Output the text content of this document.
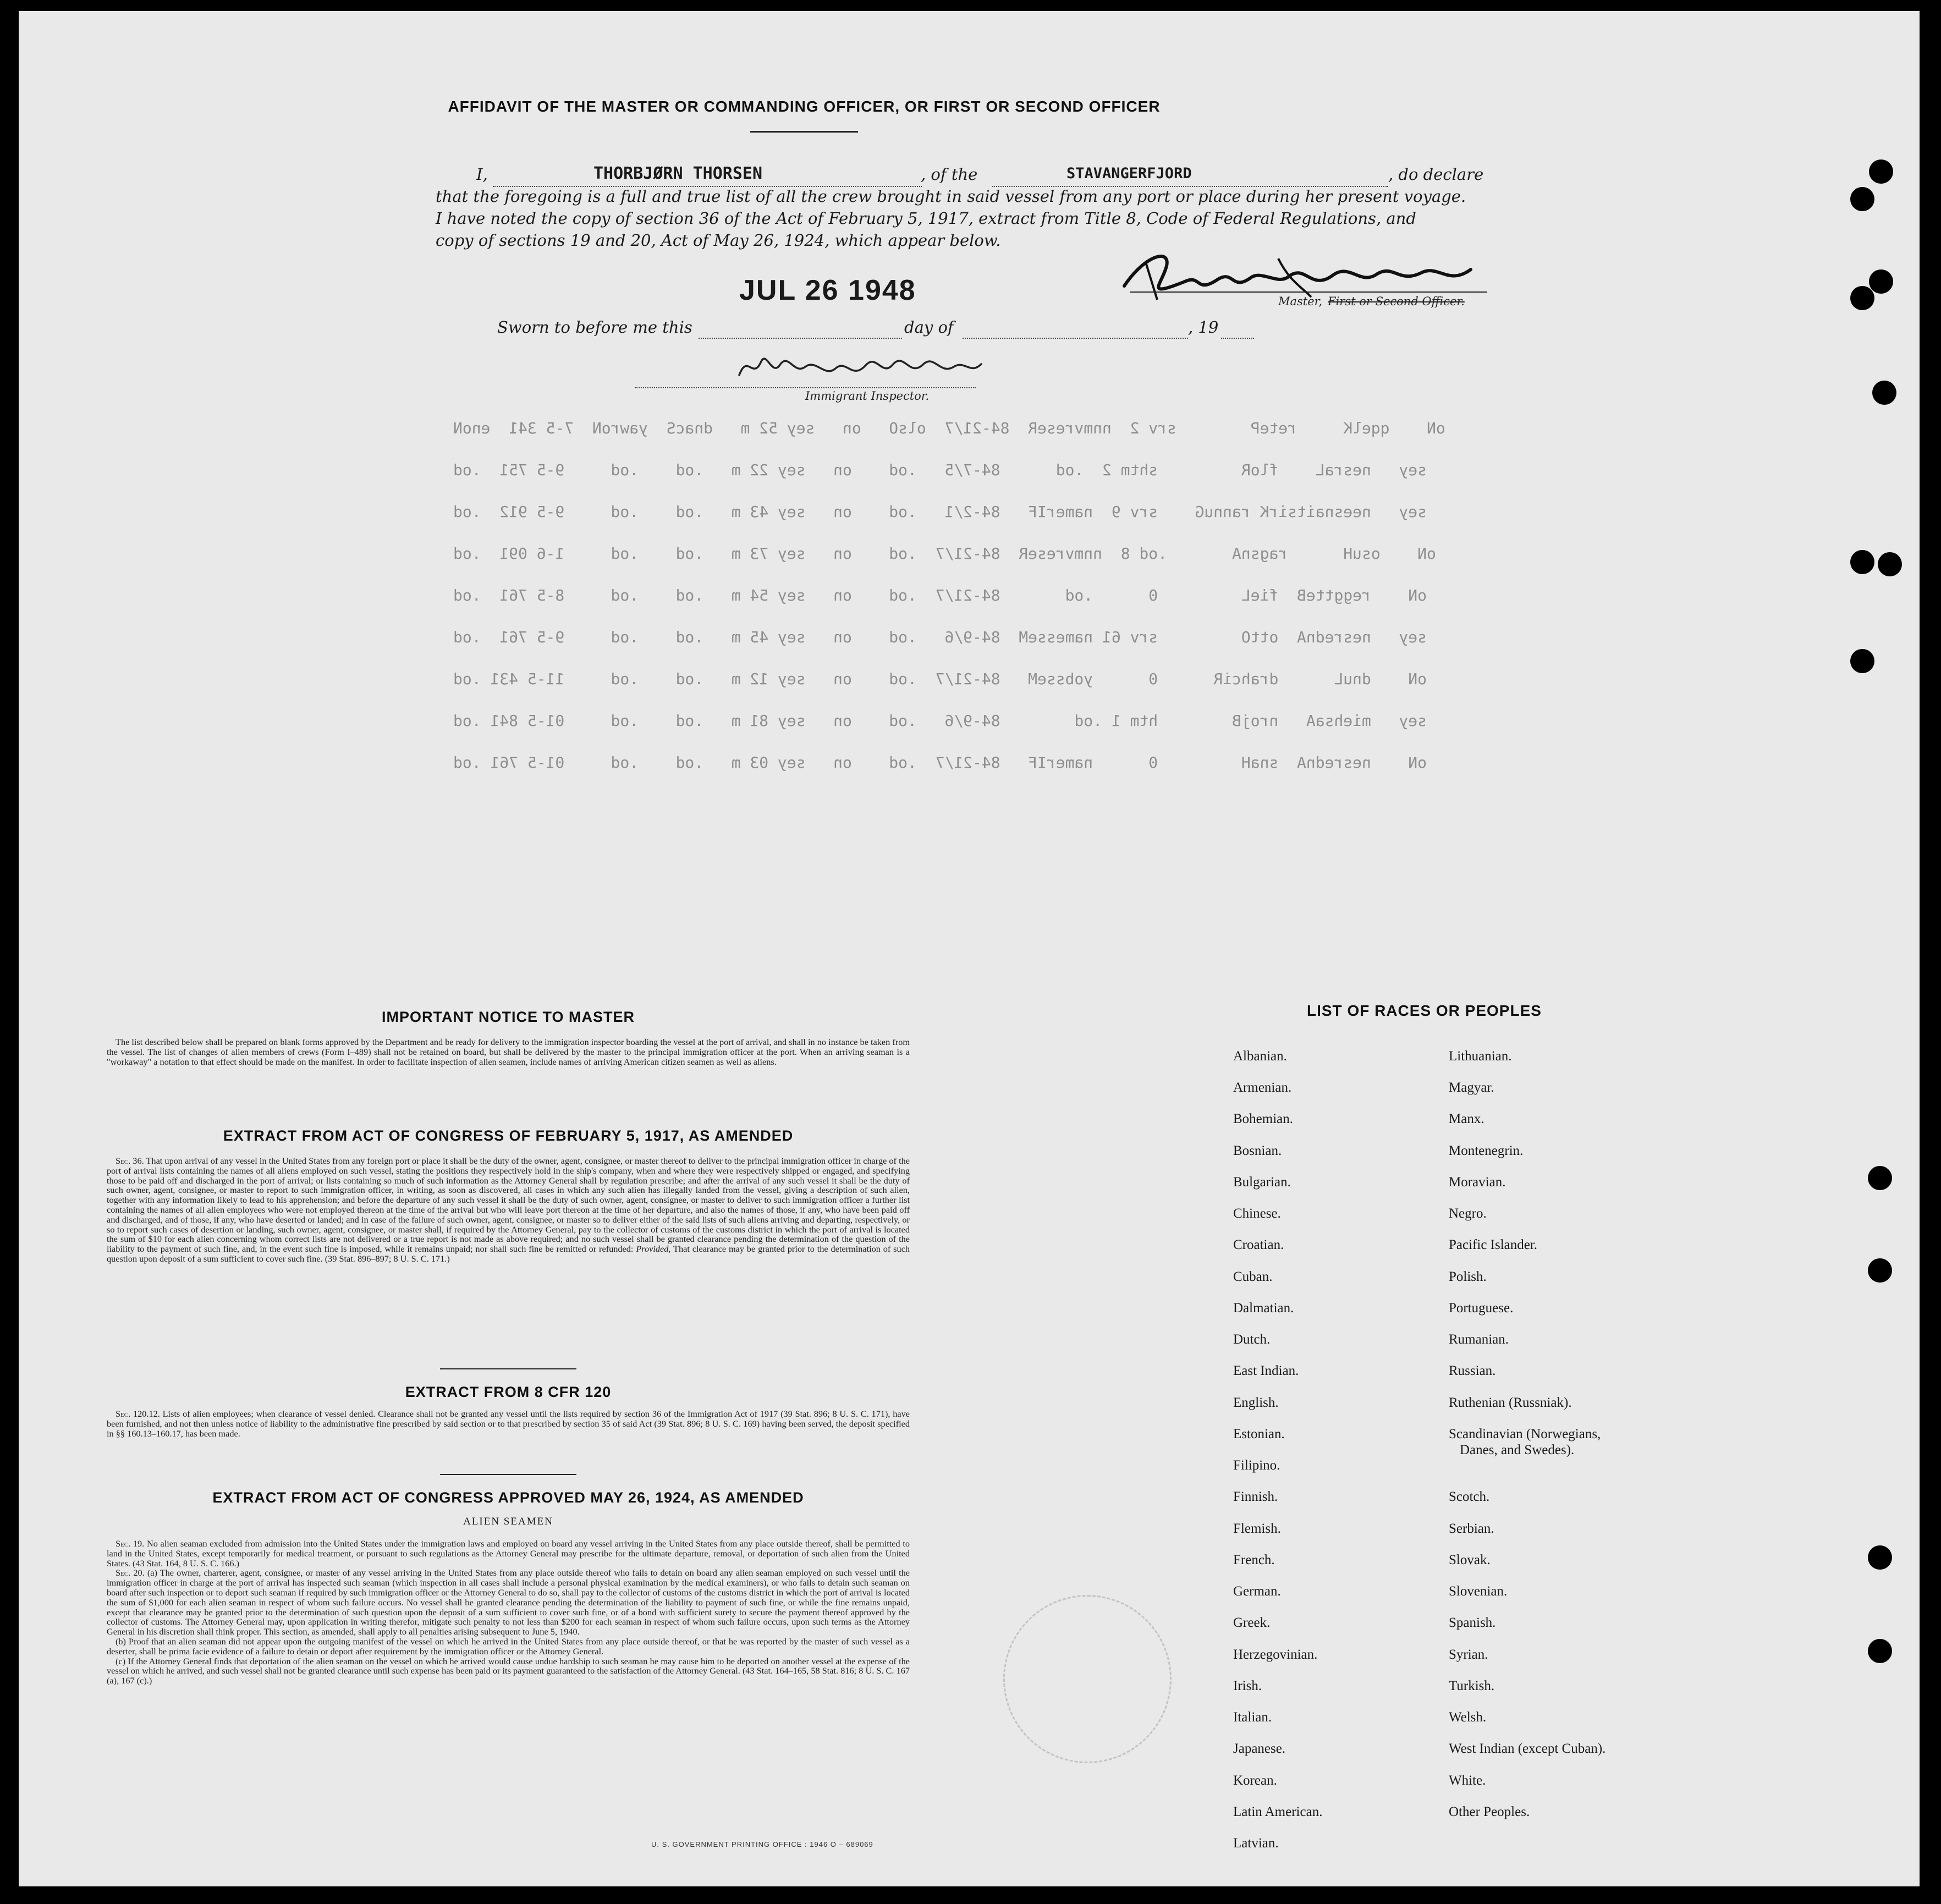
AFFIDAVIT OF THE MASTER OR COMMANDING OFFICER, OR FIRST OR SECOND OFFICER
I,	THORBJØRN THORSEN	, of the	STAVANGERFJORD	, do declare
that the foregoing is a full and true list of all the crew brought in said vessel from any port or place during her present voyage.
I have noted the copy of section 36 of the Act of February 5, 1917, extract from Title 8, Code of Federal Regulations, and
copy of sections 19 and 20, Act of May 26, 1924, which appear below.
JUL 26 1948	Master, First or Second Officer.
Sworn to before me this	day of	, 19
Immigrant Inspector.
oN    qqelK     reteP        srv 2  nnmvreseR  84-21/7  olsO   on   sey 52 m   dnacS  yawroN  7-5 341  enoN
sey   nesraL    floR         shtm 2  .od      84-7/5   .od    on   sey 22 m   .od    .od     9-5 751  .od
sey   neesnaitsirK rannuG    srv 9  namerIF   84-2/1   .od    on   sey 43 m   .od    .od     9-5 912  .od
oN    osuH      ragsnA       .od 8  nnmvreseR  84-21/7  .od    on   sey 73 m   .od    .od     1-6 091  .od
oN    reggtteB  fieL         0      .od       84-21/7  .od    on   sey 54 m   .od    .od     8-5 761  .od
sey   nesrednA  ottO         srv 61 namesseM  84-9/6   .od    on   sey 45 m   .od    .od     9-5 761  .od
oN    dnuL      drahciR      0      yobsseM   84-21/7  .od    on   sey 12 m   .od    .od     11-5 431 .od
sey   miehsaA   nrojB        htm 1 .od        84-9/6   .od    on   sey 81 m   .od    .od     01-5 841 .od
oN    nesrednA  snaH         0      namerIF   84-21/7  .od    on   sey 03 m   .od    .od     01-5 761 .od
IMPORTANT NOTICE TO MASTER

The list described below shall be prepared on blank forms approved by the Department and be ready for delivery to the immigration inspector boarding the vessel at the port of arrival, and shall in no instance be taken from the vessel. The list of changes of alien members of crews (Form I–489) shall not be retained on board, but shall be delivered by the master to the principal immigration officer at the port. When an arriving seaman is a "workaway" a notation to that effect should be made on the manifest. In order to facilitate inspection of alien seamen, include names of arriving American citizen seamen as well as aliens.

EXTRACT FROM ACT OF CONGRESS OF FEBRUARY 5, 1917, AS AMENDED

Sec. 36. That upon arrival of any vessel in the United States from any foreign port or place it shall be the duty of the owner, agent, consignee, or master thereof to deliver to the principal immigration officer in charge of the port of arrival lists containing the names of all aliens employed on such vessel, stating the positions they respectively hold in the ship's company, when and where they were respectively shipped or engaged, and specifying those to be paid off and discharged in the port of arrival; or lists containing so much of such information as the Attorney General shall by regulation prescribe; and after the arrival of any such vessel it shall be the duty of such owner, agent, consignee, or master to report to such immigration officer, in writing, as soon as discovered, all cases in which any such alien has illegally landed from the vessel, giving a description of such alien, together with any information likely to lead to his apprehension; and before the departure of any such vessel it shall be the duty of such owner, agent, consignee, or master to deliver to such immigration officer a further list containing the names of all alien employees who were not employed thereon at the time of the arrival but who will leave port thereon at the time of her departure, and also the names of those, if any, who have been paid off and discharged, and of those, if any, who have deserted or landed; and in case of the failure of such owner, agent, consignee, or master so to deliver either of the said lists of such aliens arriving and departing, respectively, or so to report such cases of desertion or landing, such owner, agent, consignee, or master shall, if required by the Attorney General, pay to the collector of customs of the customs district in which the port of arrival is located the sum of $10 for each alien concerning whom correct lists are not delivered or a true report is not made as above required; and no such vessel shall be granted clearance pending the determination of the question of the liability to the payment of such fine, and, in the event such fine is imposed, while it remains unpaid; nor shall such fine be remitted or refunded: Provided, That clearance may be granted prior to the determination of such question upon deposit of a sum sufficient to cover such fine. (39 Stat. 896–897; 8 U. S. C. 171.)

EXTRACT FROM 8 CFR 120

Sec. 120.12. Lists of alien employees; when clearance of vessel denied. Clearance shall not be granted any vessel until the lists required by section 36 of the Immigration Act of 1917 (39 Stat. 896; 8 U. S. C. 171), have been furnished, and not then unless notice of liability to the administrative fine prescribed by said section or to that prescribed by section 35 of said Act (39 Stat. 896; 8 U. S. C. 169) having been served, the deposit specified in §§ 160.13–160.17, has been made.

EXTRACT FROM ACT OF CONGRESS APPROVED MAY 26, 1924, AS AMENDED
ALIEN SEAMEN

Sec. 19. No alien seaman excluded from admission into the United States under the immigration laws and employed on board any vessel arriving in the United States from any place outside thereof, shall be permitted to land in the United States, except temporarily for medical treatment, or pursuant to such regulations as the Attorney General may prescribe for the ultimate departure, removal, or deportation of such alien from the United States. (43 Stat. 164, 8 U. S. C. 166.)

Sec. 20. (a) The owner, charterer, agent, consignee, or master of any vessel arriving in the United States from any place outside thereof who fails to detain on board any alien seaman employed on such vessel until the immigration officer in charge at the port of arrival has inspected such seaman (which inspection in all cases shall include a personal physical examination by the medical examiners), or who fails to detain such seaman on board after such inspection or to deport such seaman if required by such immigration officer or the Attorney General to do so, shall pay to the collector of customs of the customs district in which the port of arrival is located the sum of $1,000 for each alien seaman in respect of whom such failure occurs. No vessel shall be granted clearance pending the determination of the liability to payment of such fine, or while the fine remains unpaid, except that clearance may be granted prior to the determination of such question upon the deposit of a sum sufficient to cover such fine, or of a bond with sufficient surety to secure the payment thereof approved by the collector of customs. The Attorney General may, upon application in writing therefor, mitigate such penalty to not less than $200 for each seaman in respect of whom such failure occurs, upon such terms as the Attorney General in his discretion shall think proper. This section, as amended, shall apply to all penalties arising subsequent to June 5, 1940.

(b) Proof that an alien seaman did not appear upon the outgoing manifest of the vessel on which he arrived in the United States from any place outside thereof, or that he was reported by the master of such vessel as a deserter, shall be prima facie evidence of a failure to detain or deport after requirement by the immigration officer or the Attorney General.

(c) If the Attorney General finds that deportation of the alien seaman on the vessel on which he arrived would cause undue hardship to such seaman he may cause him to be deported on another vessel at the expense of the vessel on which he arrived, and such vessel shall not be granted clearance until such expense has been paid or its payment guaranteed to the satisfaction of the Attorney General. (43 Stat. 164–165, 58 Stat. 816; 8 U. S. C. 167 (a), 167 (c).)

U. S. GOVERNMENT PRINTING OFFICE : 1946 O – 689069
LIST OF RACES OR PEOPLES
Albanian.
Armenian.
Bohemian.
Bosnian.
Bulgarian.
Chinese.
Croatian.
Cuban.
Dalmatian.
Dutch.
East Indian.
English.
Estonian.
Filipino.
Finnish.
Flemish.
French.
German.
Greek.
Herzegovinian.
Irish.
Italian.
Japanese.
Korean.
Latin American.
Latvian.
Lithuanian.
Magyar.
Manx.
Montenegrin.
Moravian.
Negro.
Pacific Islander.
Polish.
Portuguese.
Rumanian.
Russian.
Ruthenian (Russniak).
Scandinavian (Norwegians,
Danes, and Swedes).
Scotch.
Serbian.
Slovak.
Slovenian.
Spanish.
Syrian.
Turkish.
Welsh.
West Indian (except Cuban).
White.
Other Peoples.
